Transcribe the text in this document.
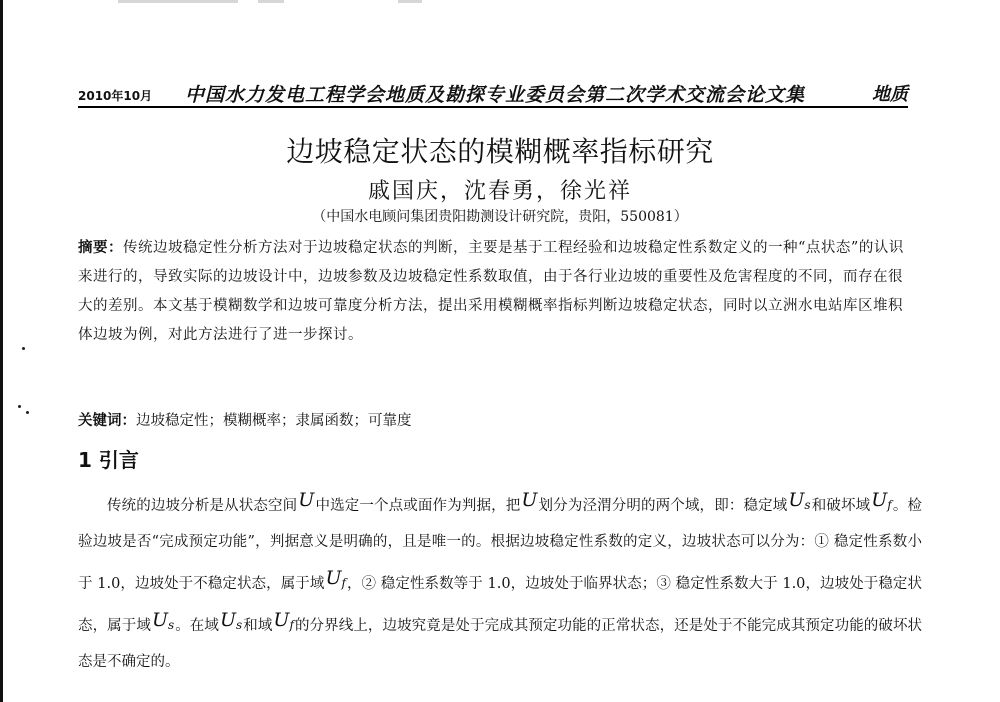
2010年10月 中国水力发电工程学会地质及勘探专业委员会第二次学术交流会论文集	地质
边坡稳定状态的模糊概率指标研究
戚国庆，沈春勇，徐光祥
（中国水电顾问集团贵阳勘测设计研究院，贵阳，550081）
摘要：传统边坡稳定性分析方法对于边坡稳定状态的判断，主要是基于工程经验和边坡稳定性系数定义的一种“点状态”的认识来进行的，导致实际的边坡设计中，边坡参数及边坡稳定性系数取值，由于各行业边坡的重要性及危害程度的不同，而存在很大的差别。本文基于模糊数学和边坡可靠度分析方法，提出采用模糊概率指标判断边坡稳定状态，同时以立洲水电站库区堆积体边坡为例，对此方法进行了进一步探讨。
关键词：边坡稳定性；模糊概率；隶属函数；可靠度
1 引言

传统的边坡分析是从状态空间U中选定一个点或面作为判据，把U划分为泾渭分明的两个域，即：稳定域$U_s$和破坏域$U_f$。检验边坡是否“完成预定功能”，判据意义是明确的，且是唯一的。根据边坡稳定性系数的定义，边坡状态可以分为：① 稳定性系数小于 1.0，边坡处于不稳定状态，属于域$U_f$，② 稳定性系数等于 1.0，边坡处于临界状态；③ 稳定性系数大于 1.0，边坡处于稳定状态，属于域$U_s$。在域$U_s$和域$U_f$的分界线上，边坡究竟是处于完成其预定功能的正常状态，还是处于不能完成其预定功能的破坏状态是不确定的。
